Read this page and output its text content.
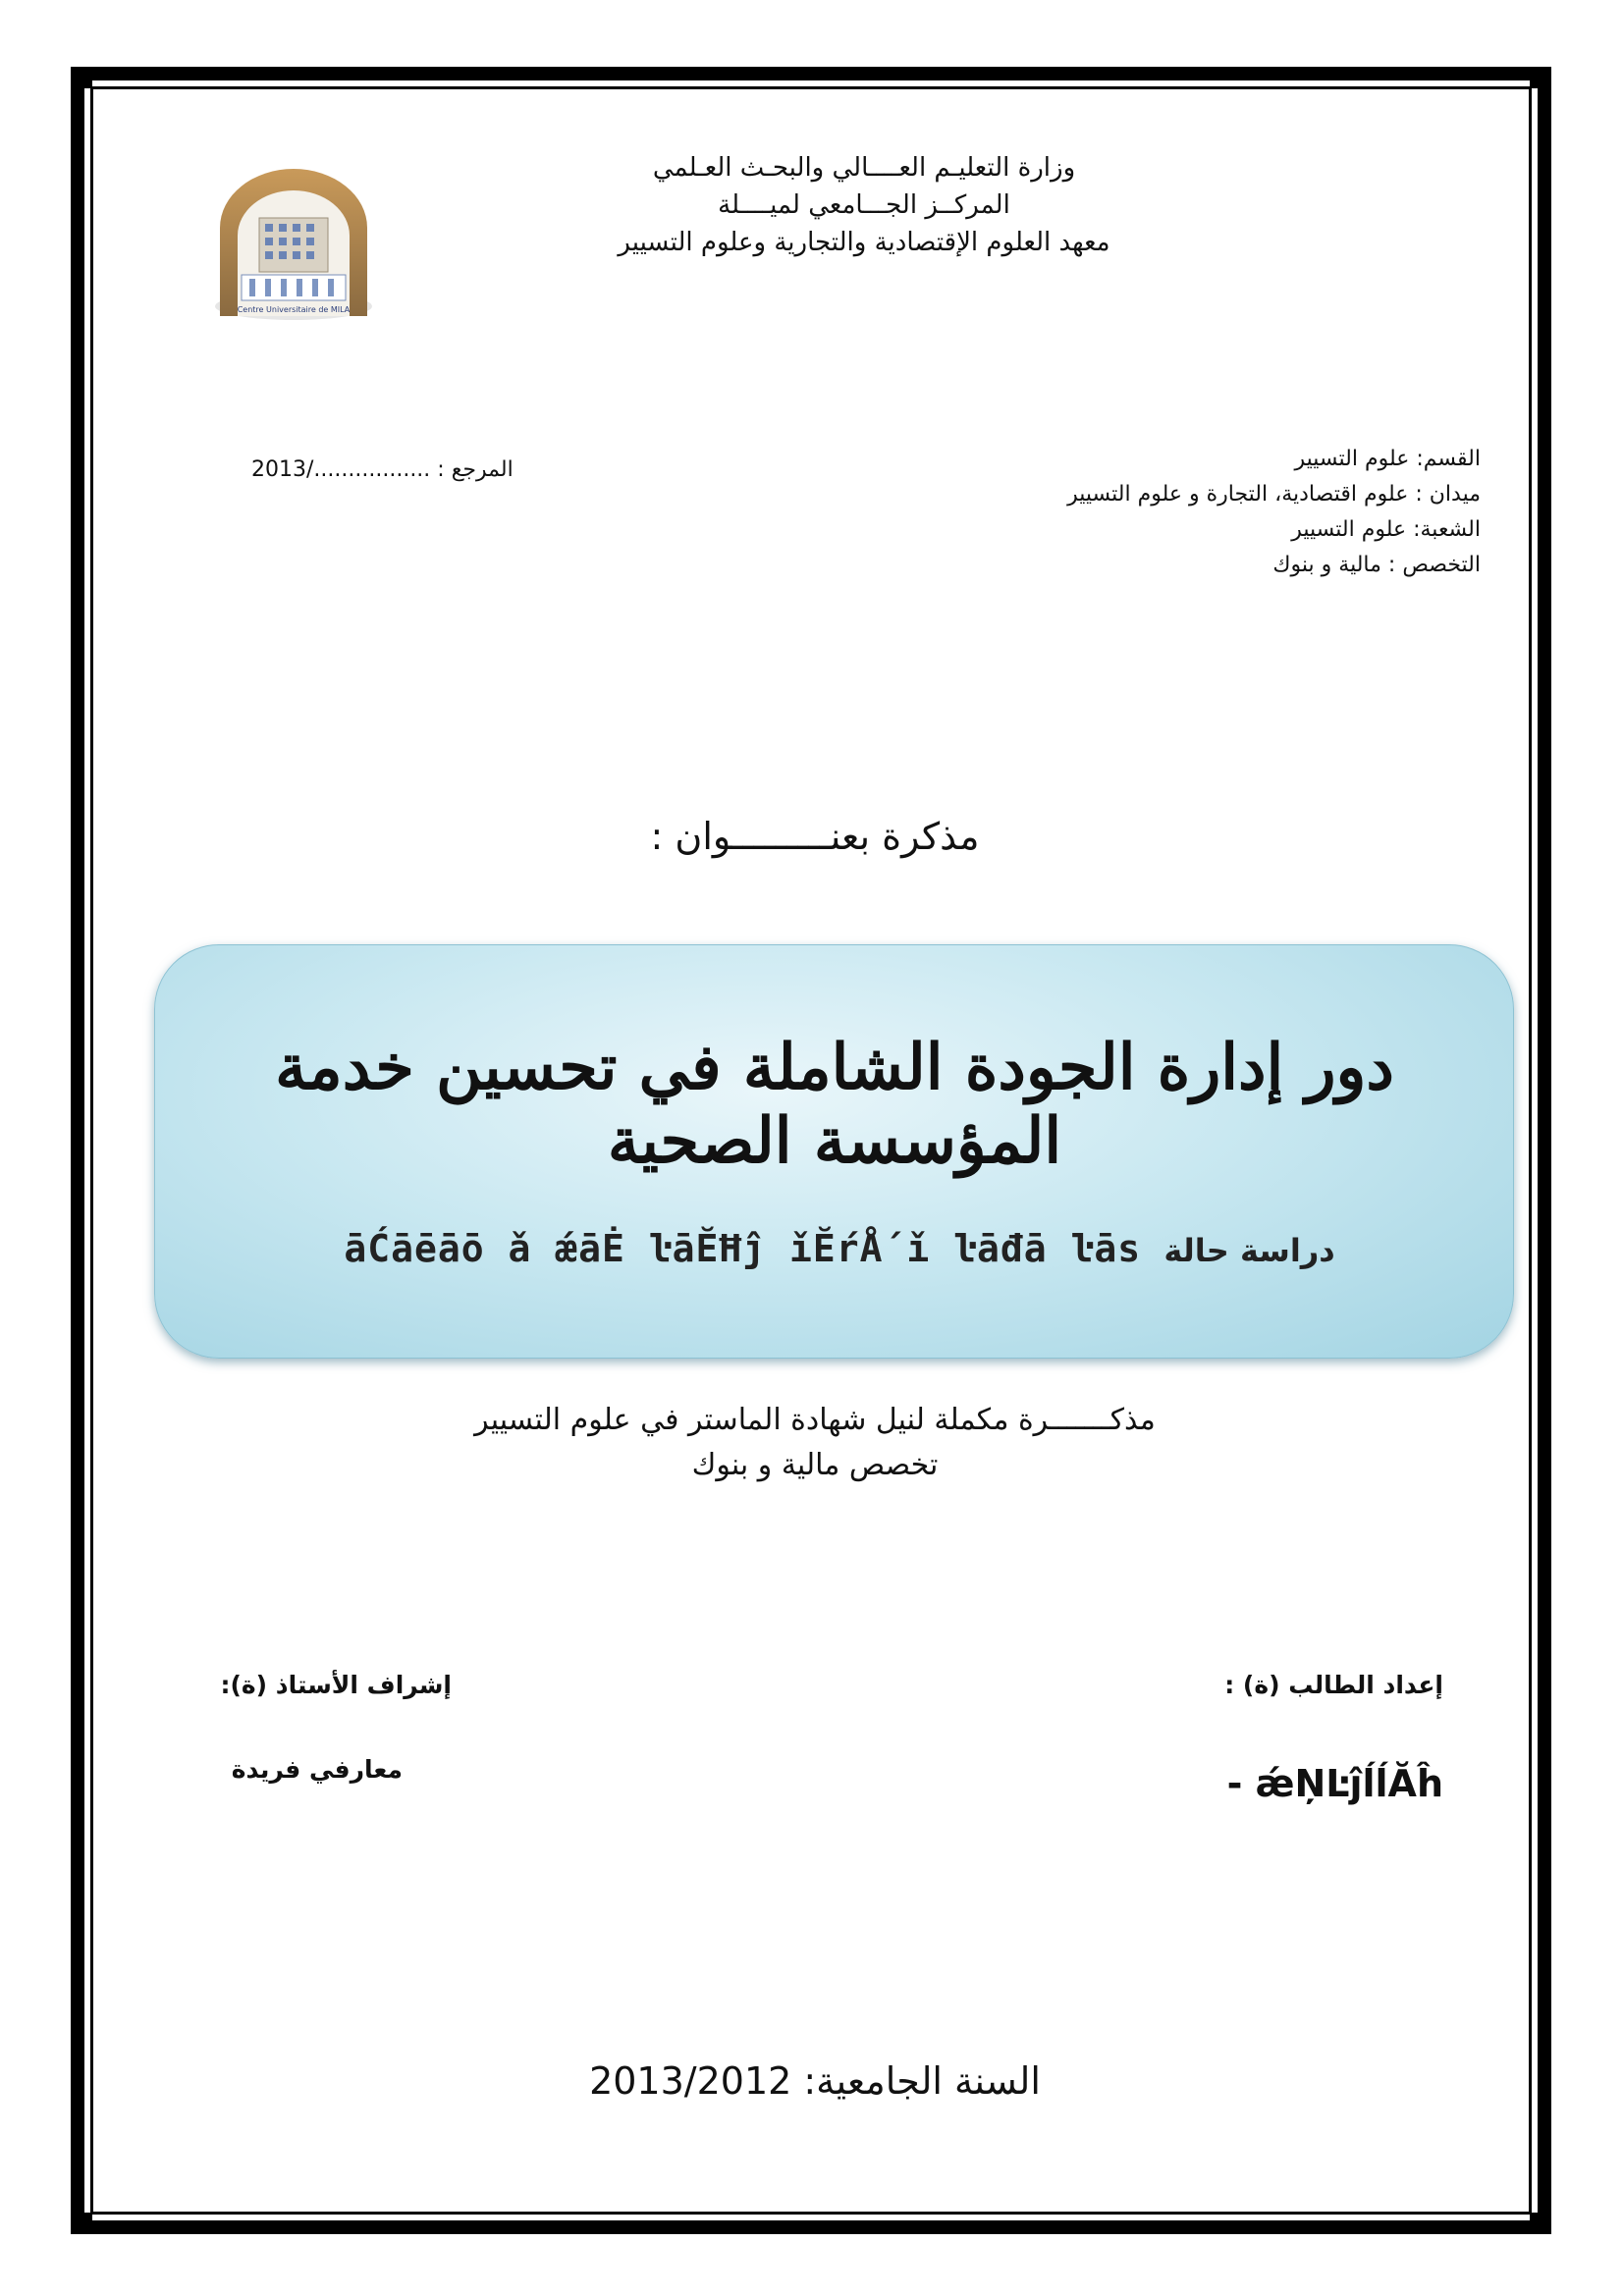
وزارة التعليـم العــــالي والبحـث العـلمي
المركــز الجـــامعي لميــــلة
معهد العلوم الإقتصادية والتجارية وعلوم التسيير
Centre Universitaire de MILA
المرجع : ................./2013	القسم: علوم التسيير
ميدان : علوم اقتصادية، التجارة و علوم التسيير
الشعبة: علوم التسيير
التخصص : مالية و بنوك
مذكرة بعنـــــــــوان :
دور إدارة الجودة الشاملة في تحسين خدمة المؤسسة الصحية
āĆāēāō ǎ ǽāĖ ŀāĔĦĵ ǐĔŕǺ ǐ ŀāđā ŀās دراسة حالة
مذكـــــــرة مكملة لنيل شهادة الماستر في علوم التسيير
تخصص مالية و بنوك
إشراف الأستاذ (ة):
معارفي فريدة
إعداد الطالب (ة) :
- ǽŅĿĵĺĺĂĥ
السنة الجامعية: 2013/2012
